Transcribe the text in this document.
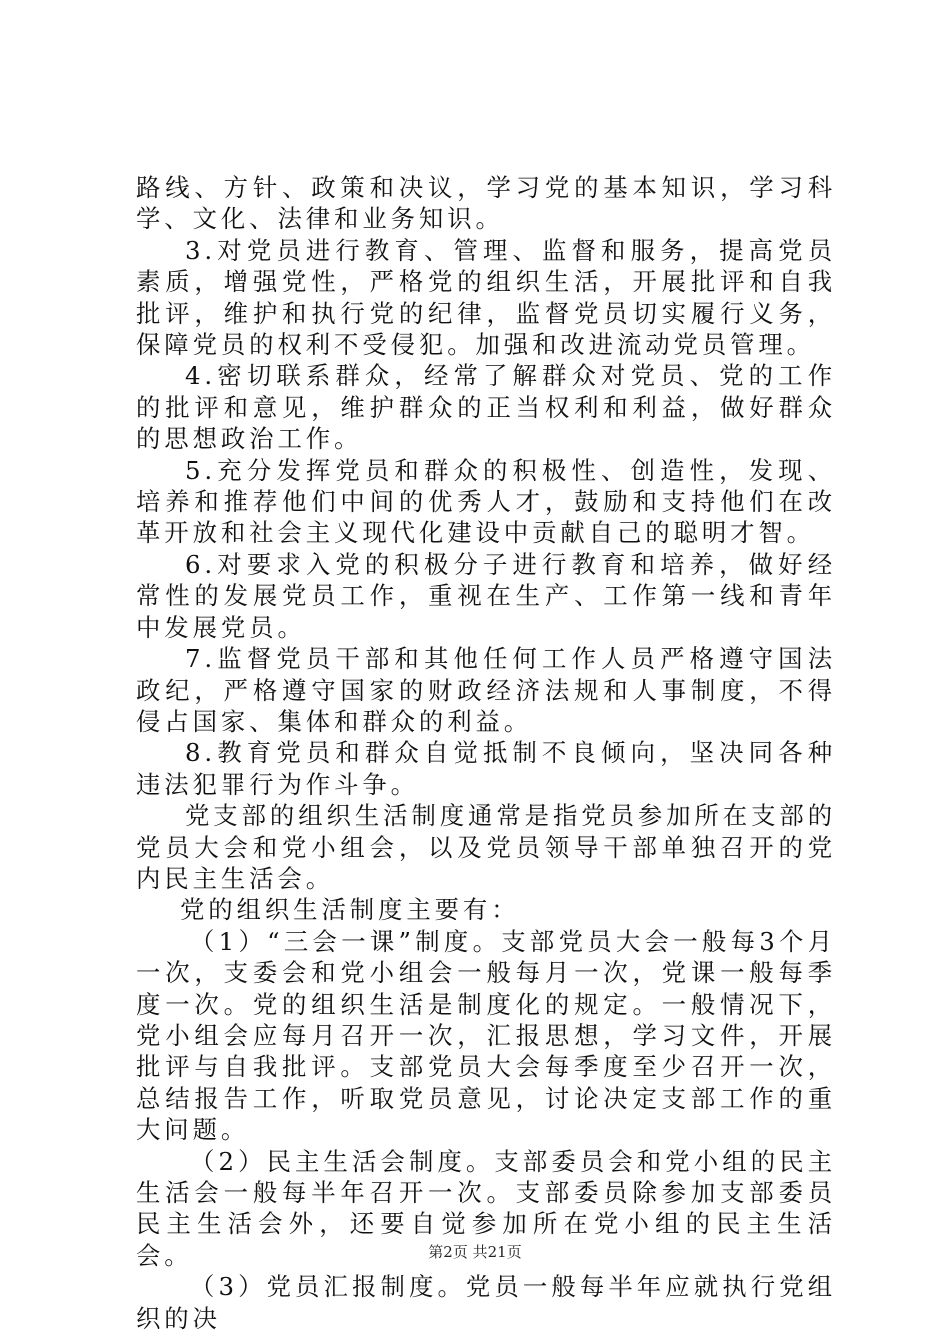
路线、方针、政策和决议，学习党的基本知识，学习科学、文化、法律和业务知识。

3.对党员进行教育、管理、监督和服务，提高党员素质，增强党性，严格党的组织生活，开展批评和自我批评，维护和执行党的纪律，监督党员切实履行义务，保障党员的权利不受侵犯。加强和改进流动党员管理。

4.密切联系群众，经常了解群众对党员、党的工作的批评和意见，维护群众的正当权利和利益，做好群众的思想政治工作。

5.充分发挥党员和群众的积极性、创造性，发现、培养和推荐他们中间的优秀人才，鼓励和支持他们在改革开放和社会主义现代化建设中贡献自己的聪明才智。

6.对要求入党的积极分子进行教育和培养，做好经常性的发展党员工作，重视在生产、工作第一线和青年中发展党员。

7.监督党员干部和其他任何工作人员严格遵守国法政纪，严格遵守国家的财政经济法规和人事制度，不得侵占国家、集体和群众的利益。

8.教育党员和群众自觉抵制不良倾向，坚决同各种违法犯罪行为作斗争。

党支部的组织生活制度通常是指党员参加所在支部的党员大会和党小组会，以及党员领导干部单独召开的党内民主生活会。

党的组织生活制度主要有：

（1）“三会一课”制度。支部党员大会一般每3个月一次，支委会和党小组会一般每月一次，党课一般每季度一次。党的组织生活是制度化的规定。一般情况下，党小组会应每月召开一次，汇报思想，学习文件，开展批评与自我批评。支部党员大会每季度至少召开一次，总结报告工作，听取党员意见，讨论决定支部工作的重大问题。

（2）民主生活会制度。支部委员会和党小组的民主生活会一般每半年召开一次。支部委员除参加支部委员民主生活会外，还要自觉参加所在党小组的民主生活会。

（3）党员汇报制度。党员一般每半年应就执行党组织的决

第2页 共21页
